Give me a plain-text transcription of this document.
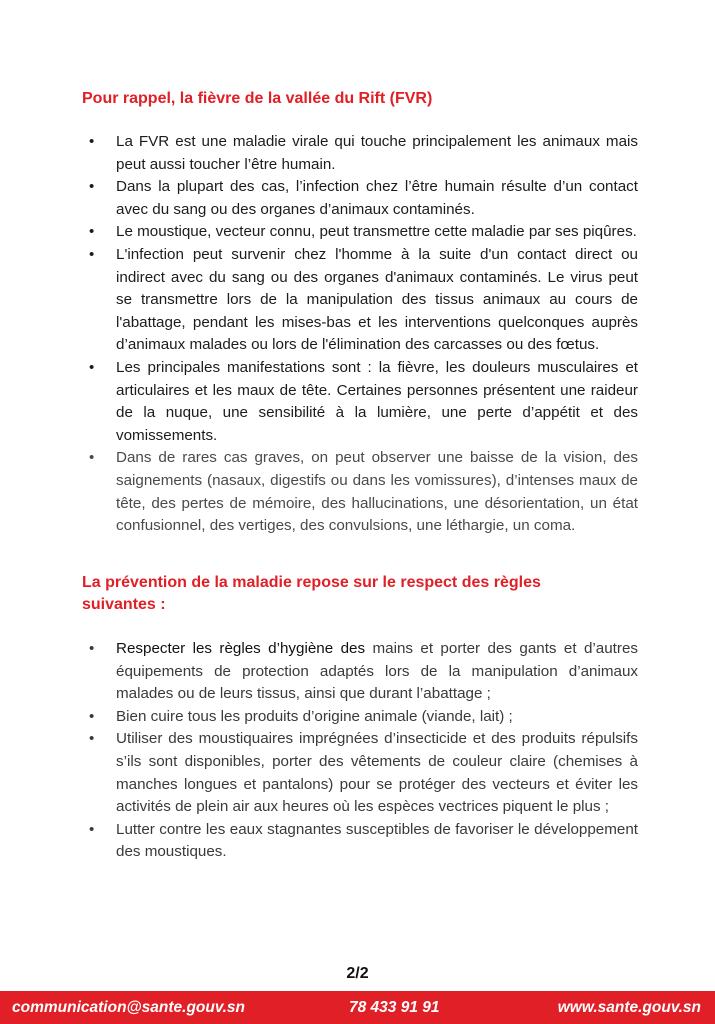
Pour rappel, la fièvre de la vallée du Rift (FVR)
• La FVR est une maladie virale qui touche principalement les animaux mais peut aussi toucher l’être humain.
• Dans la plupart des cas, l’infection chez l’être humain résulte d’un contact avec du sang ou des organes d’animaux contaminés.
• Le moustique, vecteur connu, peut transmettre cette maladie par ses piqûres.
• L'infection peut survenir chez l'homme à la suite d'un contact direct ou indirect avec du sang ou des organes d'animaux contaminés. Le virus peut se transmettre lors de la manipulation des tissus animaux au cours de l'abattage, pendant les mises-bas et les interventions quelconques auprès d’animaux malades ou lors de l'élimination des carcasses ou des fœtus.
• Les principales manifestations sont : la fièvre, les douleurs musculaires et articulaires et les maux de tête. Certaines personnes présentent une raideur de la nuque, une sensibilité à la lumière, une perte d’appétit et des vomissements.
• Dans de rares cas graves, on peut observer une baisse de la vision, des saignements (nasaux, digestifs ou dans les vomissures), d’intenses maux de tête, des pertes de mémoire, des hallucinations, une désorientation, un état confusionnel, des vertiges, des convulsions, une léthargie, un coma.
La prévention de la maladie repose sur le respect des règles suivantes :
• Respecter les règles d’hygiène des mains et porter des gants et d’autres équipements de protection adaptés lors de la manipulation d’animaux malades ou de leurs tissus, ainsi que durant l’abattage ;
• Bien cuire tous les produits d’origine animale (viande, lait) ;
• Utiliser des moustiquaires imprégnées d’insecticide et des produits répulsifs s’ils sont disponibles, porter des vêtements de couleur claire (chemises à manches longues et pantalons) pour se protéger des vecteurs et éviter les activités de plein air aux heures où les espèces vectrices piquent le plus ;
• Lutter contre les eaux stagnantes susceptibles de favoriser le développement des moustiques.
2/2
communication@sante.gouv.sn	78 433 91 91	www.sante.gouv.sn
